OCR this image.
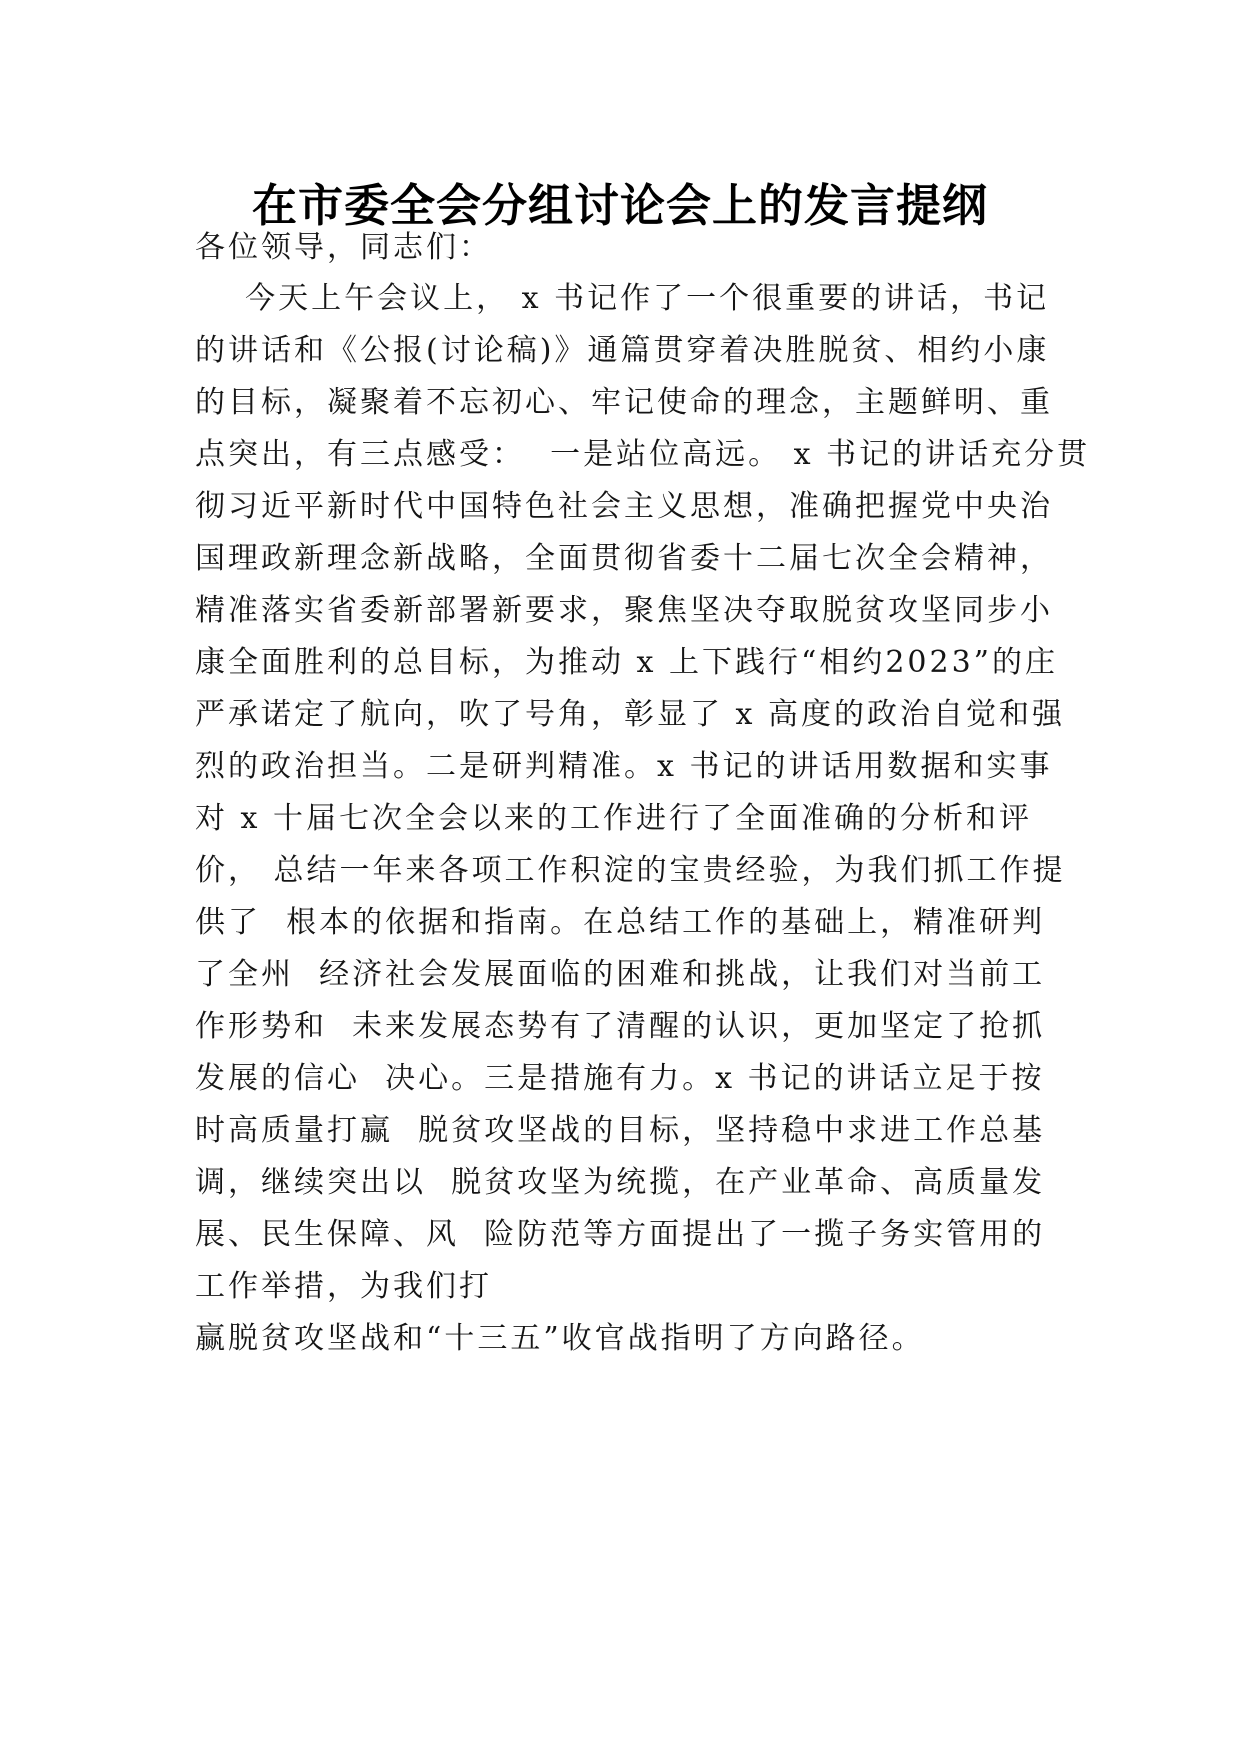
在市委全会分组讨论会上的发言提纲

各位领导，同志们：

今天上午会议上， x 书记作了一个很重要的讲话，书记

的讲话和《公报(讨论稿)》通篇贯穿着决胜脱贫、相约小康

的目标，凝聚着不忘初心、牢记使命的理念，主题鲜明、重

点突出，有三点感受：  一是站位高远。 x 书记的讲话充分贯

彻习近平新时代中国特色社会主义思想，准确把握党中央治

国理政新理念新战略，全面贯彻省委十二届七次全会精神，

精准落实省委新部署新要求，聚焦坚决夺取脱贫攻坚同步小

康全面胜利的总目标，为推动 x 上下践行“相约2023”的庄

严承诺定了航向，吹了号角，彰显了 x 高度的政治自觉和强

烈的政治担当。二是研判精准。x 书记的讲话用数据和实事

对 x 十届七次全会以来的工作进行了全面准确的分析和评

价， 总结一年来各项工作积淀的宝贵经验，为我们抓工作提

供了  根本的依据和指南。在总结工作的基础上，精准研判

了全州  经济社会发展面临的困难和挑战，让我们对当前工

作形势和  未来发展态势有了清醒的认识，更加坚定了抢抓

发展的信心  决心。三是措施有力。x 书记的讲话立足于按

时高质量打赢  脱贫攻坚战的目标，坚持稳中求进工作总基

调，继续突出以  脱贫攻坚为统揽，在产业革命、高质量发

展、民生保障、风  险防范等方面提出了一揽子务实管用的

工作举措，为我们打

赢脱贫攻坚战和“十三五”收官战指明了方向路径。
